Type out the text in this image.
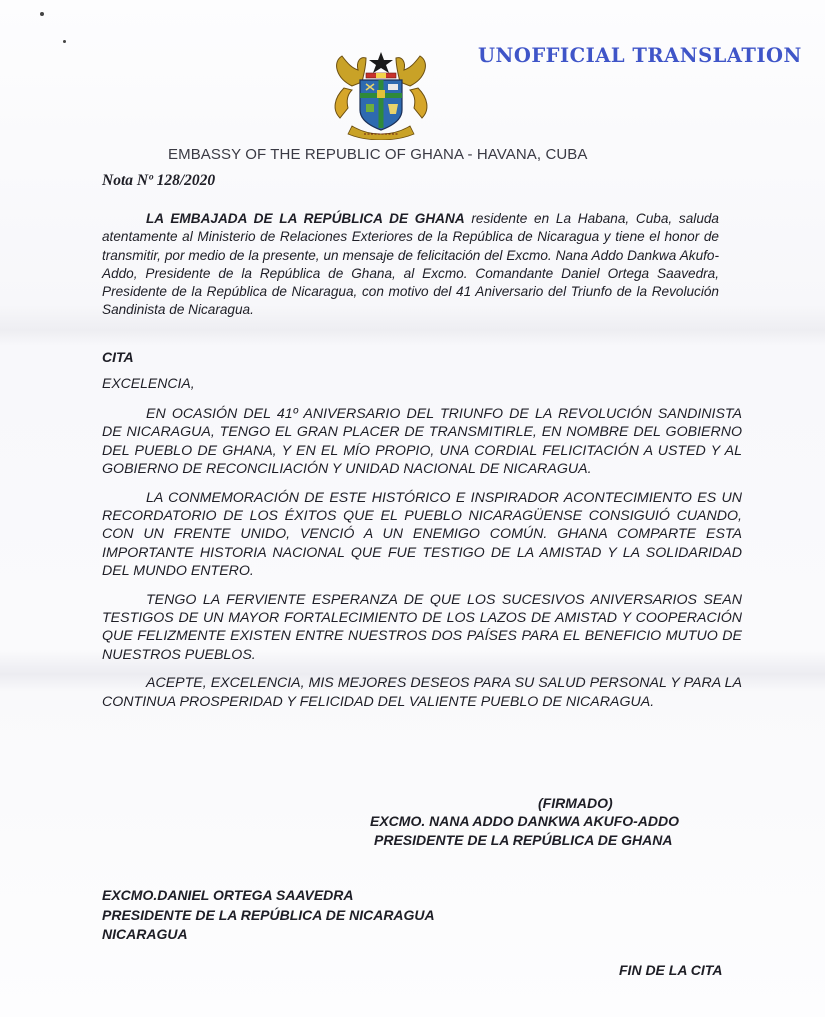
UNOFFICIAL TRANSLATION
EMBASSY OF THE REPUBLIC OF GHANA - HAVANA, CUBA
Nota Nº 128/2020
LA EMBAJADA DE LA REPÚBLICA DE GHANA residente en La Habana, Cuba, saluda atentamente al Ministerio de Relaciones Exteriores de la República de Nicaragua y tiene el honor de transmitir, por medio de la presente, un mensaje de felicitación del Excmo. Nana Addo Dankwa Akufo-Addo, Presidente de la República de Ghana, al Excmo. Comandante Daniel Ortega Saavedra, Presidente de la República de Nicaragua, con motivo del 41 Aniversario del Triunfo de la Revolución Sandinista de Nicaragua.
CITA
EXCELENCIA,

EN OCASIÓN DEL 41º ANIVERSARIO DEL TRIUNFO DE LA REVOLUCIÓN SANDINISTA DE NICARAGUA, TENGO EL GRAN PLACER DE TRANSMITIRLE, EN NOMBRE DEL GOBIERNO DEL PUEBLO DE GHANA, Y EN EL MÍO PROPIO, UNA CORDIAL FELICITACIÓN A USTED Y AL GOBIERNO DE RECONCILIACIÓN Y UNIDAD NACIONAL DE NICARAGUA.

LA CONMEMORACIÓN DE ESTE HISTÓRICO E INSPIRADOR ACONTECIMIENTO ES UN RECORDATORIO DE LOS ÉXITOS QUE EL PUEBLO NICARAGÜENSE CONSIGUIÓ CUANDO, CON UN FRENTE UNIDO, VENCIÓ A UN ENEMIGO COMÚN. GHANA COMPARTE ESTA IMPORTANTE HISTORIA NACIONAL QUE FUE TESTIGO DE LA AMISTAD Y LA SOLIDARIDAD DEL MUNDO ENTERO.

TENGO LA FERVIENTE ESPERANZA DE QUE LOS SUCESIVOS ANIVERSARIOS SEAN TESTIGOS DE UN MAYOR FORTALECIMIENTO DE LOS LAZOS DE AMISTAD Y COOPERACIÓN QUE FELIZMENTE EXISTEN ENTRE NUESTROS DOS PAÍSES PARA EL BENEFICIO MUTUO DE NUESTROS PUEBLOS.

ACEPTE, EXCELENCIA, MIS MEJORES DESEOS PARA SU SALUD PERSONAL Y PARA LA CONTINUA PROSPERIDAD Y FELICIDAD DEL VALIENTE PUEBLO DE NICARAGUA.

(FIRMADO)
EXCMO. NANA ADDO DANKWA AKUFO-ADDO
PRESIDENTE DE LA REPÚBLICA DE GHANA
EXCMO.DANIEL ORTEGA SAAVEDRA
PRESIDENTE DE LA REPÚBLICA DE NICARAGUA
NICARAGUA
FIN DE LA CITA
